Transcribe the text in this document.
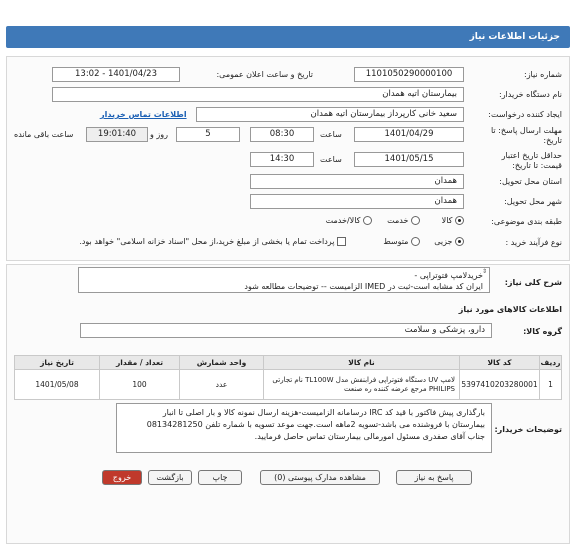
جزئیات اطلاعات نیاز
شماره نیاز:
1101050290000100
تاریخ و ساعت اعلان عمومی:
1401/04/23 - 13:02
نام دستگاه خریدار:
بیمارستان اتیه همدان
ایجاد کننده درخواست:
سعید خانی کارپرداز بیمارستان اتیه همدان
اطلاعات تماس خریدار
مهلت ارسال پاسخ: تا تاریخ:
1401/04/29
ساعت
08:30
5
روز و
19:01:40
ساعت باقی مانده
حداقل تاریخ اعتبار قیمت: تا تاریخ:
1401/05/15
ساعت
14:30
استان محل تحویل:
همدان
شهر محل تحویل:
همدان
طبقه بندی موضوعی:
کالا
خدمت
کالا/خدمت
نوع فرآیند خرید :
جزیی
متوسط
پرداخت تمام یا بخشی از مبلغ خرید،از محل "اسناد خزانه اسلامی" خواهد بود.
شرح کلی نیاز:
خریدلامپ فتوتراپی -
ایران کد مشابه است-ثبت در IMED الزامیست -- توضیحات مطالعه شود
⇕
اطلاعات کالاهای مورد نیاز
گروه کالا:
دارو، پزشکی و سلامت
ردیف	کد کالا	نام کالا	واحد شمارش	تعداد / مقدار	تاریخ نیاز
1	5397410203280001	لامپ UV دستگاه فتوتراپی فرابنفش مدل TL100W نام تجارتی
PHILIPS مرجع عرضه کننده ره صنعت	عدد	100	1401/05/08
توضیحات خریدار:
بارگذاری پیش فاکتور با قید کد IRC درسامانه الزامیست-هزینه ارسال نمونه کالا و بار اصلی تا انبار
بیمارستان با فروشنده می باشد-تسویه 2ماهه است.جهت موعد تسویه با شماره تلفن 08134281250
جناب آقای صفدری مسئول امورمالی بیمارستان تماس حاصل فرمایید.
پاسخ به نیاز
مشاهده مدارک پیوستی (0)
چاپ
بازگشت
خروج
